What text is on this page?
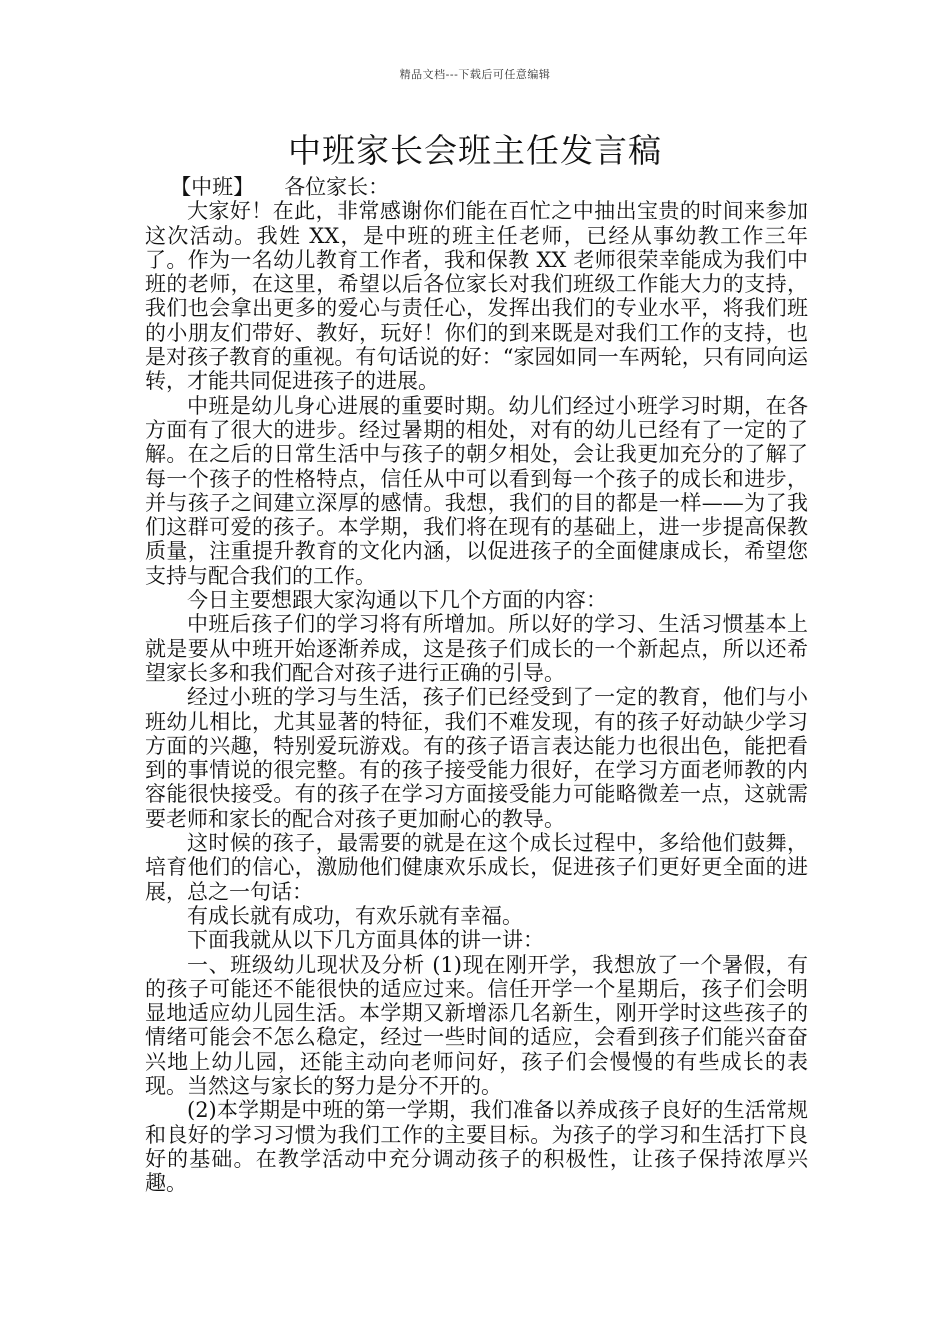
精品文档---下载后可任意编辑
中班家长会班主任发言稿
【中班】 各位家长：

大家好！在此，非常感谢你们能在百忙之中抽出宝贵的时间来参加这次活动。我姓 XX，是中班的班主任老师，已经从事幼教工作三年了。作为一名幼儿教育工作者，我和保教 XX 老师很荣幸能成为我们中班的老师，在这里，希望以后各位家长对我们班级工作能大力的支持，我们也会拿出更多的爱心与责任心，发挥出我们的专业水平，将我们班的小朋友们带好、教好，玩好！你们的到来既是对我们工作的支持，也是对孩子教育的重视。有句话说的好：“家园如同一车两轮，只有同向运转，才能共同促进孩子的进展。

中班是幼儿身心进展的重要时期。幼儿们经过小班学习时期，在各方面有了很大的进步。经过暑期的相处，对有的幼儿已经有了一定的了解。在之后的日常生活中与孩子的朝夕相处，会让我更加充分的了解了每一个孩子的性格特点，信任从中可以看到每一个孩子的成长和进步，并与孩子之间建立深厚的感情。我想，我们的目的都是一样——为了我们这群可爱的孩子。本学期，我们将在现有的基础上，进一步提高保教质量，注重提升教育的文化内涵，以促进孩子的全面健康成长，希望您支持与配合我们的工作。

今日主要想跟大家沟通以下几个方面的内容：

中班后孩子们的学习将有所增加。所以好的学习、生活习惯基本上就是要从中班开始逐渐养成，这是孩子们成长的一个新起点，所以还希望家长多和我们配合对孩子进行正确的引导。

经过小班的学习与生活，孩子们已经受到了一定的教育，他们与小班幼儿相比，尤其显著的特征，我们不难发现，有的孩子好动缺少学习方面的兴趣，特别爱玩游戏。有的孩子语言表达能力也很出色，能把看到的事情说的很完整。有的孩子接受能力很好，在学习方面老师教的内容能很快接受。有的孩子在学习方面接受能力可能略微差一点，这就需要老师和家长的配合对孩子更加耐心的教导。

这时候的孩子，最需要的就是在这个成长过程中，多给他们鼓舞，培育他们的信心，激励他们健康欢乐成长，促进孩子们更好更全面的进展，总之一句话：

有成长就有成功，有欢乐就有幸福。

下面我就从以下几方面具体的讲一讲：

一、班级幼儿现状及分析 (1)现在刚开学，我想放了一个暑假，有的孩子可能还不能很快的适应过来。信任开学一个星期后，孩子们会明显地适应幼儿园生活。本学期又新增添几名新生，刚开学时这些孩子的情绪可能会不怎么稳定，经过一些时间的适应，会看到孩子们能兴奋奋兴地上幼儿园，还能主动向老师问好，孩子们会慢慢的有些成长的表现。当然这与家长的努力是分不开的。

(2)本学期是中班的第一学期，我们准备以养成孩子良好的生活常规和良好的学习习惯为我们工作的主要目标。为孩子的学习和生活打下良好的基础。在教学活动中充分调动孩子的积极性，让孩子保持浓厚兴趣。
